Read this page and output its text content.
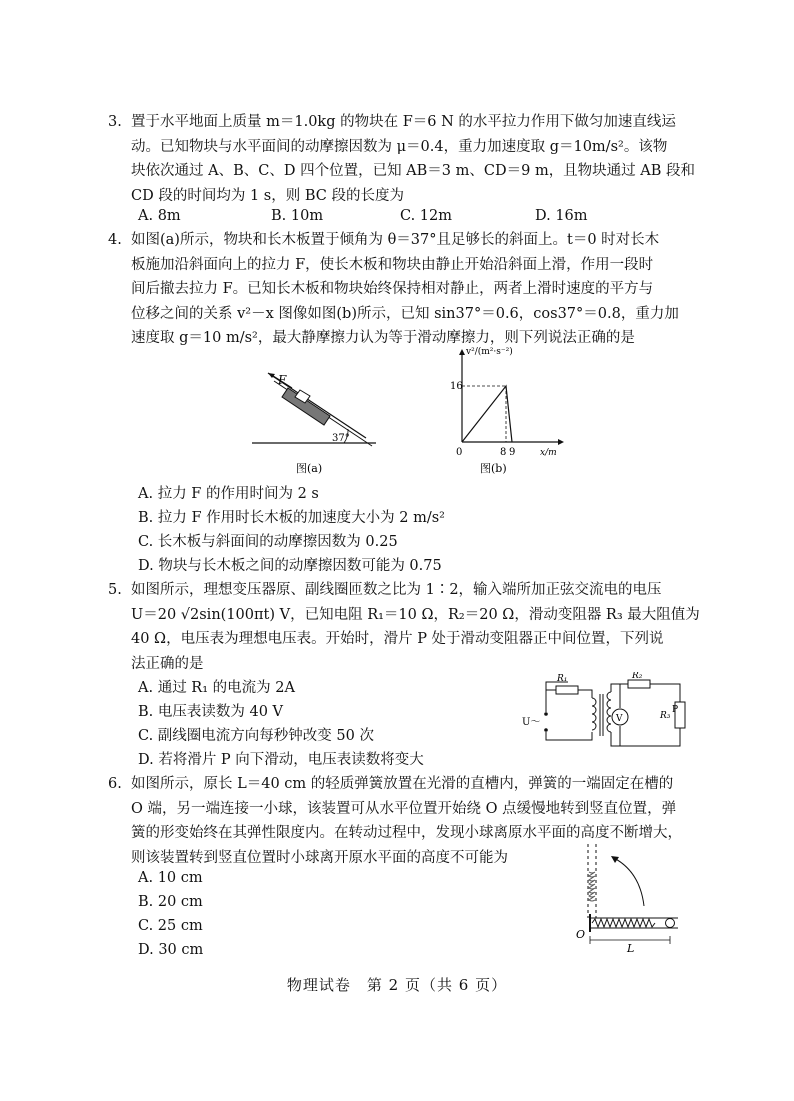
3. 置于水平地面上质量 m＝1.0kg 的物块在 F＝6 N 的水平拉力作用下做匀加速直线运
动。已知物块与水平面间的动摩擦因数为 μ＝0.4，重力加速度取 g＝10m/s²。该物
块依次通过 A、B、C、D 四个位置，已知 AB＝3 m、CD＝9 m，且物块通过 AB 段和
CD 段的时间均为 1 s，则 BC 段的长度为
A. 8m	B. 10m	C. 12m	D. 16m
4. 如图(a)所示，物块和长木板置于倾角为 θ＝37°且足够长的斜面上。t＝0 时对长木
板施加沿斜面向上的拉力 F，使长木板和物块由静止开始沿斜面上滑，作用一段时
间后撤去拉力 F。已知长木板和物块始终保持相对静止，两者上滑时速度的平方与
位移之间的关系 v²－x 图像如图(b)所示，已知 sin37°＝0.6，cos37°＝0.8，重力加
速度取 g＝10 m/s²，最大静摩擦力认为等于滑动摩擦力，则下列说法正确的是
F
37°
图(a)
v²/(m²·s⁻²)
x/m
16
0	8 9
图(b)
A. 拉力 F 的作用时间为 2 s
B. 拉力 F 作用时长木板的加速度大小为 2 m/s²
C. 长木板与斜面间的动摩擦因数为 0.25
D. 物块与长木板之间的动摩擦因数可能为 0.75
5. 如图所示，理想变压器原、副线圈匝数之比为 1∶2，输入端所加正弦交流电的电压
U＝20 √2sin(100πt) V，已知电阻 R₁＝10 Ω，R₂＝20 Ω，滑动变阻器 R₃ 最大阻值为
40 Ω，电压表为理想电压表。开始时，滑片 P 处于滑动变阻器正中间位置，下列说
法正确的是
A. 通过 R₁ 的电流为 2A
B. 电压表读数为 40 V
C. 副线圈电流方向每秒钟改变 50 次
D. 若将滑片 P 向下滑动，电压表读数将变大
R₁	R₂
R₃
U～	V
P
6. 如图所示，原长 L＝40 cm 的轻质弹簧放置在光滑的直槽内，弹簧的一端固定在槽的
O 端，另一端连接一小球，该装置可从水平位置开始绕 O 点缓慢地转到竖直位置，弹
簧的形变始终在其弹性限度内。在转动过程中，发现小球离原水平面的高度不断增大，
则该装置转到竖直位置时小球离开原水平面的高度不可能为
A. 10 cm
B. 20 cm
C. 25 cm
D. 30 cm
O
L
物理试卷　第 2 页（共 6 页）
